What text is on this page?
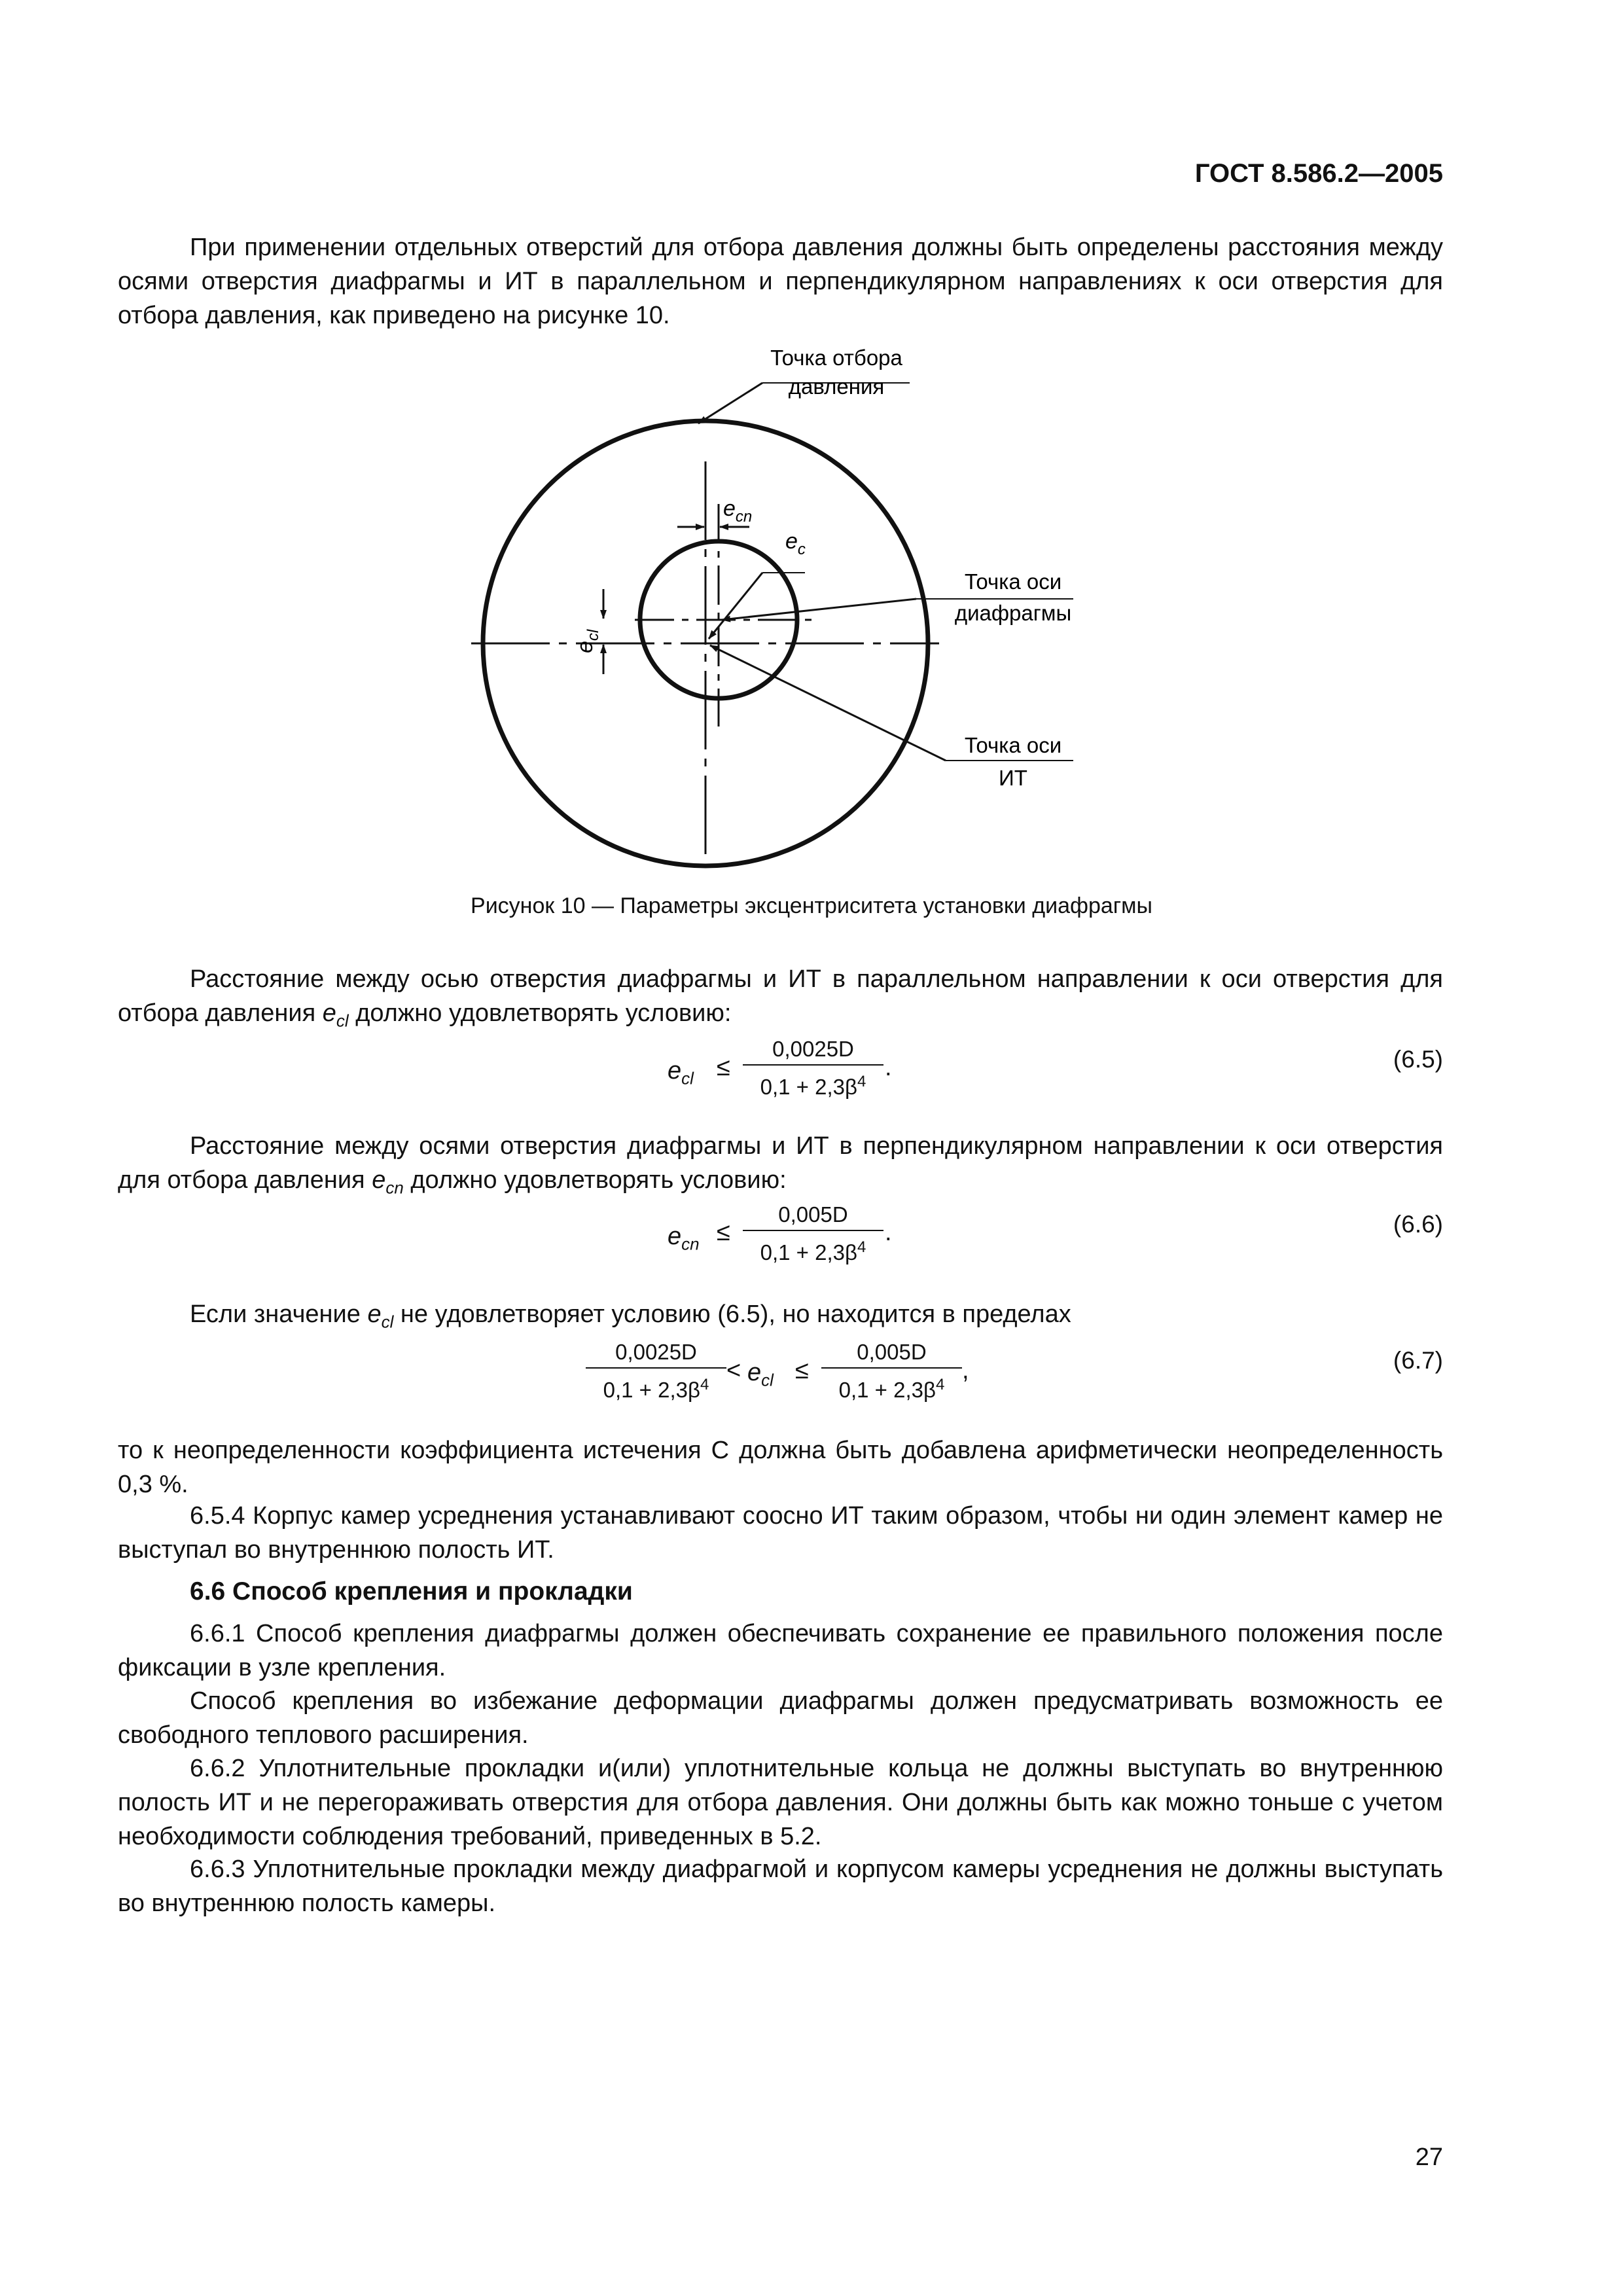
ГОСТ 8.586.2—2005
При применении отдельных отверстий для отбора давления должны быть определены расстояния между осями отверстия диафрагмы и ИТ в параллельном и перпендикулярном направлениях к оси отверстия для отбора давления, как приведено на рисунке 10.
Точка отбора
давления
$e_{cn}$
$e_c$
$e_{cl}$
Точка оси
диафрагмы
Точка оси
ИТ
Рисунок 10 — Параметры эксцентриситета установки диафрагмы
Расстояние между осью отверстия диафрагмы и ИТ в параллельном направлении к оси отверстия для отбора давления $e_{cl}$ должно удовлетворять условию:
$e_{cl} \le \frac{0,0025D}{0,1 + 2,3\beta^4}$ .	(6.5)
Расстояние между осями отверстия диафрагмы и ИТ в перпендикулярном направлении к оси отверстия для отбора давления $e_{cn}$ должно удовлетворять условию:
$e_{cn} \le \frac{0,005D}{0,1 + 2,3\beta^4}$ .	(6.6)
Если значение $e_{cl}$ не удовлетворяет условию (6.5), но находится в пределах
$\frac{0,0025D}{0,1 + 2,3\beta^4} < e_{cl} \le \frac{0,005D}{0,1 + 2,3\beta^4}$ ,	(6.7)
то к неопределенности коэффициента истечения C должна быть добавлена арифметически неопределенность 0,3 %.
6.5.4 Корпус камер усреднения устанавливают соосно ИТ таким образом, чтобы ни один элемент камер не выступал во внутреннюю полость ИТ.
6.6 Способ крепления и прокладки
6.6.1 Способ крепления диафрагмы должен обеспечивать сохранение ее правильного положения после фиксации в узле крепления.
Способ крепления во избежание деформации диафрагмы должен предусматривать возможность ее свободного теплового расширения.
6.6.2 Уплотнительные прокладки и(или) уплотнительные кольца не должны выступать во внутреннюю полость ИТ и не перегораживать отверстия для отбора давления. Они должны быть как можно тоньше с учетом необходимости соблюдения требований, приведенных в 5.2.
6.6.3 Уплотнительные прокладки между диафрагмой и корпусом камеры усреднения не должны выступать во внутреннюю полость камеры.
27
